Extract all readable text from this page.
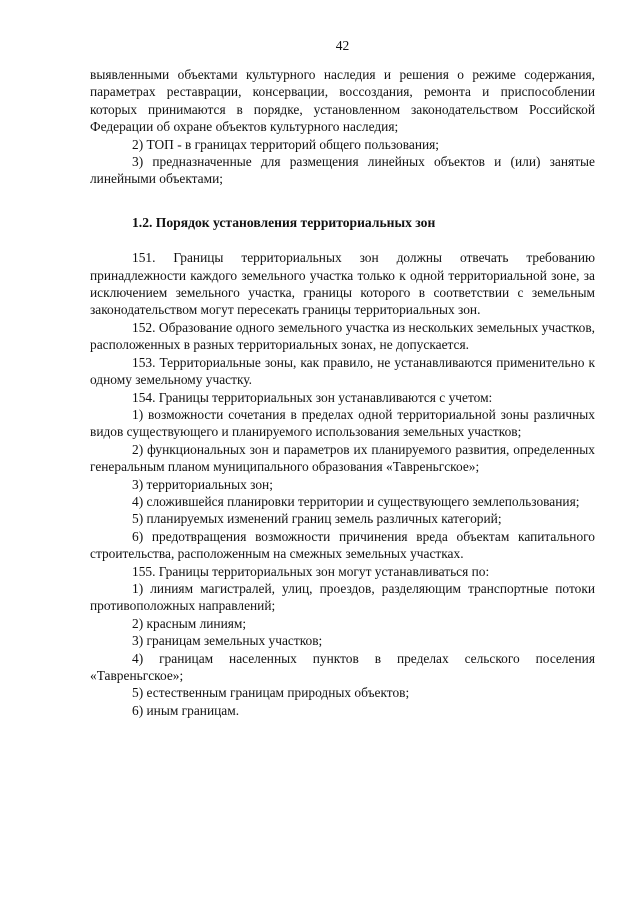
42

выявленными объектами культурного наследия и решения о режиме содержания, параметрах реставрации, консервации, воссоздания, ремонта и приспособлении которых принимаются в порядке, установленном законодательством Российской Федерации об охране объектов культурного наследия;

2) ТОП - в границах территорий общего пользования;

3) предназначенные для размещения линейных объектов и (или) занятые линейными объектами;

1.2. Порядок установления территориальных зон

151. Границы территориальных зон должны отвечать требованию принадлежности каждого земельного участка только к одной территориальной зоне, за исключением земельного участка, границы которого в соответствии с земельным законодательством могут пересекать границы территориальных зон.

152. Образование одного земельного участка из нескольких земельных участков, расположенных в разных территориальных зонах, не допускается.

153. Территориальные зоны, как правило, не устанавливаются применительно к одному земельному участку.

154. Границы территориальных зон устанавливаются с учетом:

1) возможности сочетания в пределах одной территориальной зоны различных видов существующего и планируемого использования земельных участков;

2) функциональных зон и параметров их планируемого развития, определенных генеральным планом муниципального образования «Тавреньгское»;

3) территориальных зон;

4) сложившейся планировки территории и существующего землепользования;

5) планируемых изменений границ земель различных категорий;

6) предотвращения возможности причинения вреда объектам капитального строительства, расположенным на смежных земельных участках.

155. Границы территориальных зон могут устанавливаться по:

1) линиям магистралей, улиц, проездов, разделяющим транспортные потоки противоположных направлений;

2) красным линиям;

3) границам земельных участков;

4) границам населенных пунктов в пределах сельского поселения «Тавреньгское»;

5) естественным границам природных объектов;

6) иным границам.
